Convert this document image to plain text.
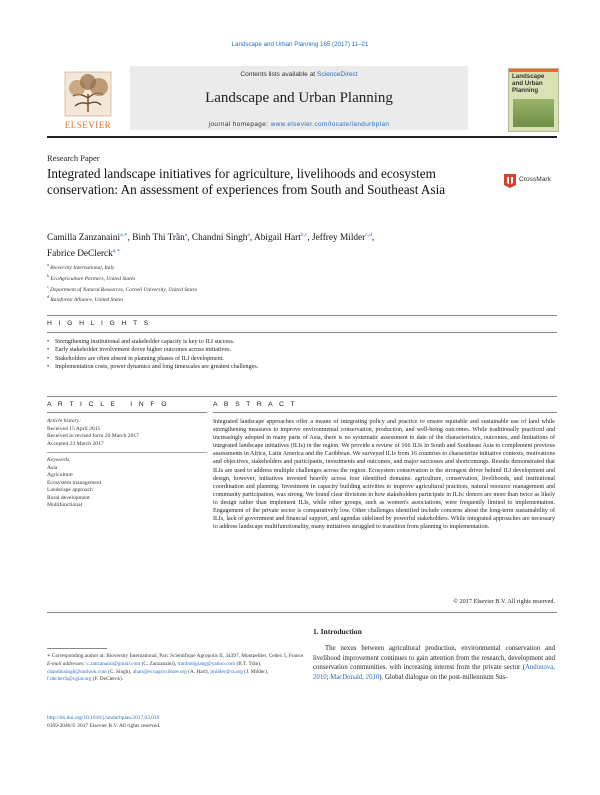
Landscape and Urban Planning 165 (2017) 11–21
ELSEVIER
Contents lists available at ScienceDirect
Landscape and Urban Planning
journal homepage: www.elsevier.com/locate/landurbplan
Landscape and Urban Planning
Research Paper
Integrated landscape initiatives for agriculture, livelihoods and ecosystem conservation: An assessment of experiences from South and Southeast Asia
CrossMark
Camilla Zanzanaini$^{a,∗}$, Binh Thi Trần$^a$, Chandni Singh$^a$, Abigail Hart$^{b,c}$, Jeffrey Milder$^{c,d}$,
Fabrice DeClerck$^{a,∗}$
$^a$ Bioversity International, Italy
$^b$ EcoAgriculture Partners, United States
$^c$ Department of Natural Resources, Cornell University, United States
$^d$ Rainforest Alliance, United States
H I G H L I G H T S
• Strengthening institutional and stakeholder capacity is key to ILI success.
• Early stakeholder involvement drove higher outcomes across initiatives.
• Stakeholders are often absent in planning phases of ILI development.
• Implementation costs, power dynamics and long timescales are greatest challenges.
A R T I C L E   I N F O	A B S T R A C T
Article history:
Received 15 April 2015
Received in revised form 20 March 2017
Accepted 23 March 2017
Keywords:
Asia
Agriculture
Ecosystem management
Landscape approach
Rural development
Multifunctional
Integrated landscape approaches offer a means of integrating policy and practice to ensure equitable and sustainable use of land while strengthening measures to improve environmental conservation, production, and well-being outcomes. While traditionally practiced and increasingly adopted in many parts of Asia, there is no systematic assessment to date of the characteristics, outcomes, and limitations of integrated landscape initiatives (ILIs) in the region. We provide a review of 166 ILIs in South and Southeast Asia to complement previous assessments in Africa, Latin America and the Caribbean. We surveyed ILIs from 16 countries to characterize initiative contexts, motivations and objectives, stakeholders and participants, investments and outcomes, and major successes and shortcomings. Results demonstrated that ILIs are used to address multiple challenges across the region. Ecosystem conservation is the strongest driver behind ILI development and design, however, initiatives invested heavily across four identified domains: agriculture, conservation, livelihoods, and institutional coordination and planning. Investment in capacity building activities to improve agricultural practices, natural resource management and community participation, was strong. We found clear divisions in how stakeholders participate in ILIs: donors are more than twice as likely to design rather than implement ILIs, while other groups, such as women's associations, were frequently limited to implementation. Engagement of the private sector is comparatively low. Other challenges identified include concerns about the long-term sustainability of ILIs, lack of government and financial support, and agendas sidelined by powerful stakeholders. While integrated approaches are necessary to address landscape multifunctionality, many initiatives struggled to transition from planning to implementation.
© 2017 Elsevier B.V. All rights reserved.
1. Introduction
The nexus between agricultural production, environmental conservation and livelihood improvement continues to gain attention from the research, development and conservation communities, with increasing interest from the private sector (Andonova, 2010; MacDonald, 2010). Global dialogue on the post-millennium Sus-
∗ Corresponding author at: Bioversity International, Parc Scientifique Agropolis II, 34397, Montpellier, Cedex 5, France.
E-mail addresses: c.zanzanaini@gmail.com (C. Zanzanaini), tranbinhgiang@yahoo.com (B.T. Trần), chandnisingh@outlook.com (C. Singh), ahart@ecoagriculture.org (A. Hart), jmilder@ra.org (J. Milder), f.declerck@cgiar.org (F. DeClerck).
http://dx.doi.org/10.1016/j.landurbplan.2017.03.010
0169-2046/© 2017 Elsevier B.V. All rights reserved.
